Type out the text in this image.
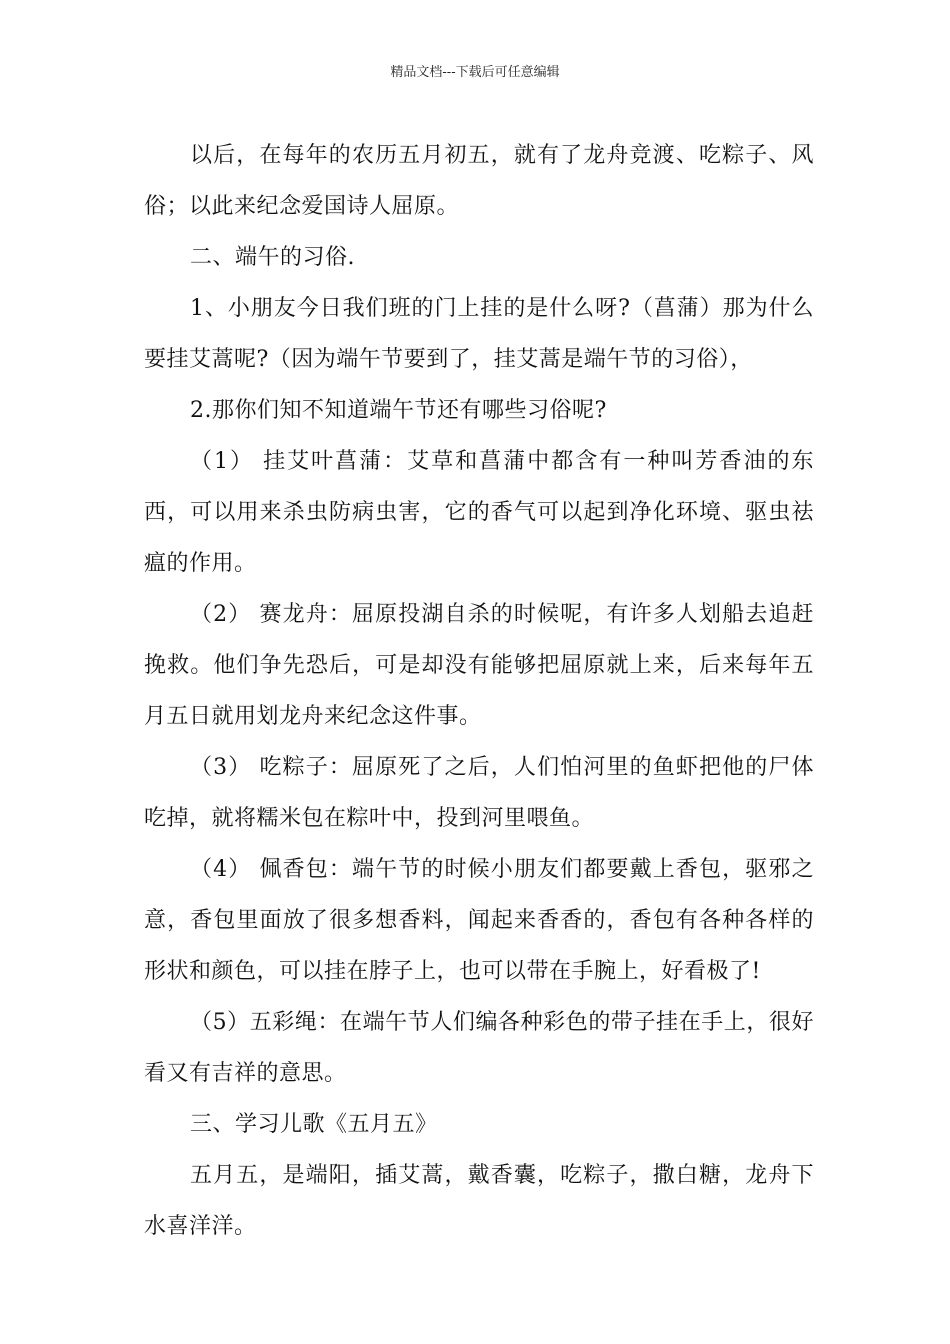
精品文档---下载后可任意编辑

以后，在每年的农历五月初五，就有了龙舟竞渡、吃粽子、风俗；以此来纪念爱国诗人屈原。

二、端午的习俗.

1、小朋友今日我们班的门上挂的是什么呀?（菖蒲）那为什么要挂艾蒿呢?（因为端午节要到了，挂艾蒿是端午节的习俗），

2.那你们知不知道端午节还有哪些习俗呢?

（1） 挂艾叶菖蒲：艾草和菖蒲中都含有一种叫芳香油的东西，可以用来杀虫防病虫害，它的香气可以起到净化环境、驱虫祛瘟的作用。

（2） 赛龙舟：屈原投湖自杀的时候呢，有许多人划船去追赶挽救。他们争先恐后，可是却没有能够把屈原就上来，后来每年五月五日就用划龙舟来纪念这件事。

（3） 吃粽子：屈原死了之后，人们怕河里的鱼虾把他的尸体吃掉，就将糯米包在粽叶中，投到河里喂鱼。

（4） 佩香包：端午节的时候小朋友们都要戴上香包，驱邪之意，香包里面放了很多想香料，闻起来香香的，香包有各种各样的形状和颜色，可以挂在脖子上，也可以带在手腕上，好看极了!

（5）五彩绳：在端午节人们编各种彩色的带子挂在手上，很好看又有吉祥的意思。

三、学习儿歌《五月五》

五月五，是端阳，插艾蒿，戴香囊，吃粽子，撒白糖，龙舟下水喜洋洋。
